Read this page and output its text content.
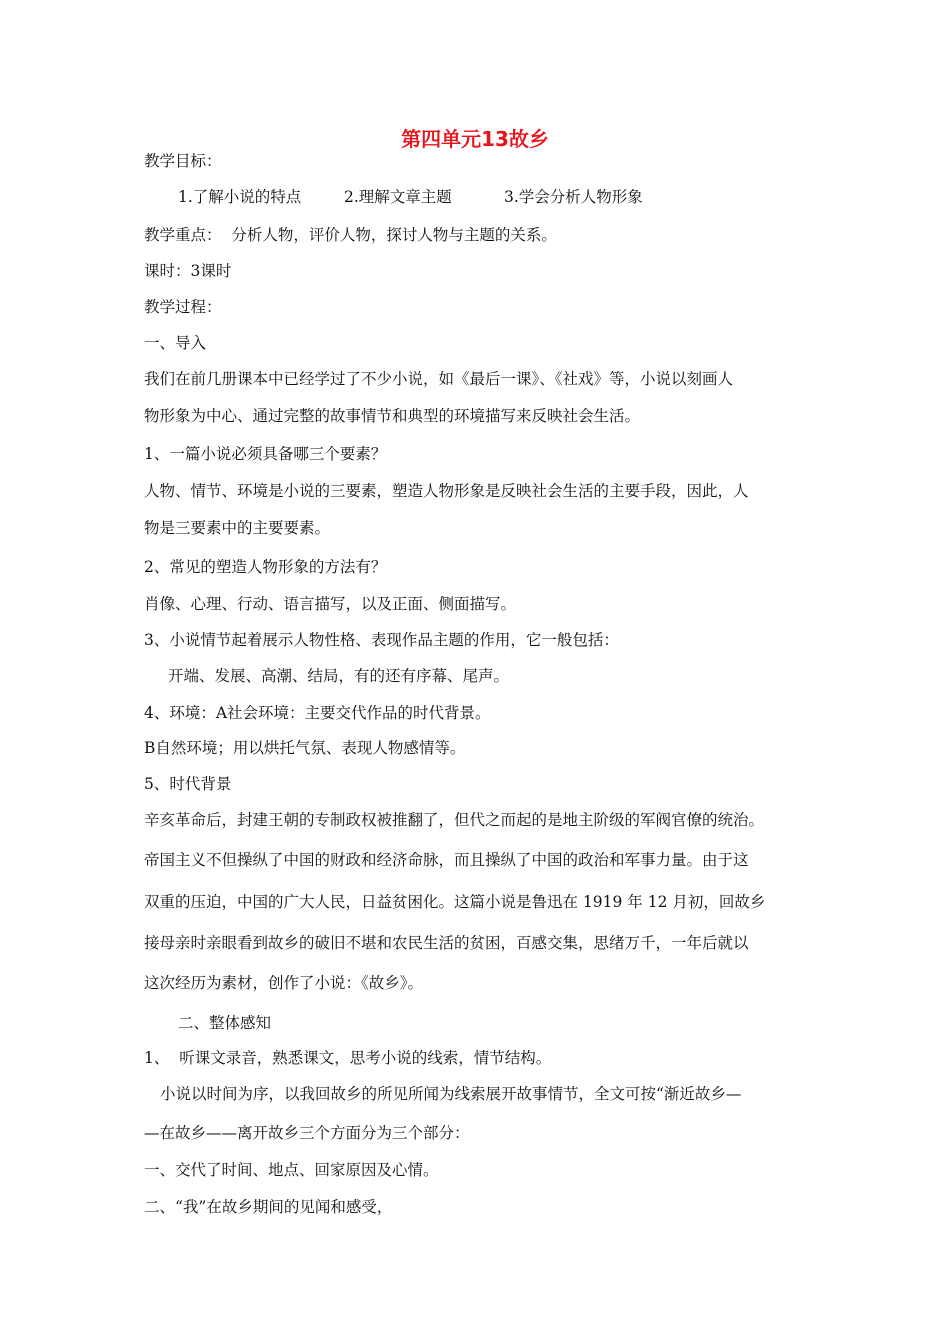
第四单元13故乡

教学目标：

1.了解小说的特点	2.理解文章主题	3.学会分析人物形象

教学重点：  分析人物，评价人物，探讨人物与主题的关系。

课时：3课时

教学过程：

一、导入

我们在前几册课本中已经学过了不少小说，如《最后一课》、《社戏》等，小说以刻画人

物形象为中心、通过完整的故事情节和典型的环境描写来反映社会生活。

1、一篇小说必须具备哪三个要素？

人物、情节、环境是小说的三要素，塑造人物形象是反映社会生活的主要手段，因此，人

物是三要素中的主要要素。

2、常见的塑造人物形象的方法有？

肖像、心理、行动、语言描写，以及正面、侧面描写。

3、小说情节起着展示人物性格、表现作品主题的作用，它一般包括：

开端、发展、高潮、结局，有的还有序幕、尾声。

4、环境：A社会环境：主要交代作品的时代背景。

B自然环境；用以烘托气氛、表现人物感情等。

5、时代背景

辛亥革命后，封建王朝的专制政权被推翻了，但代之而起的是地主阶级的军阀官僚的统治。

帝国主义不但操纵了中国的财政和经济命脉，而且操纵了中国的政治和军事力量。由于这

双重的压迫，中国的广大人民，日益贫困化。这篇小说是鲁迅在 1919 年 12 月初，回故乡

接母亲时亲眼看到故乡的破旧不堪和农民生活的贫困，百感交集，思绪万千，一年后就以

这次经历为素材，创作了小说：《故乡》。

二、整体感知

1、  听课文录音，熟悉课文，思考小说的线索，情节结构。

小说以时间为序，以我回故乡的所见所闻为线索展开故事情节，全文可按“渐近故乡—

—在故乡——离开故乡三个方面分为三个部分：

一、交代了时间、地点、回家原因及心情。

二、“我”在故乡期间的见闻和感受，
